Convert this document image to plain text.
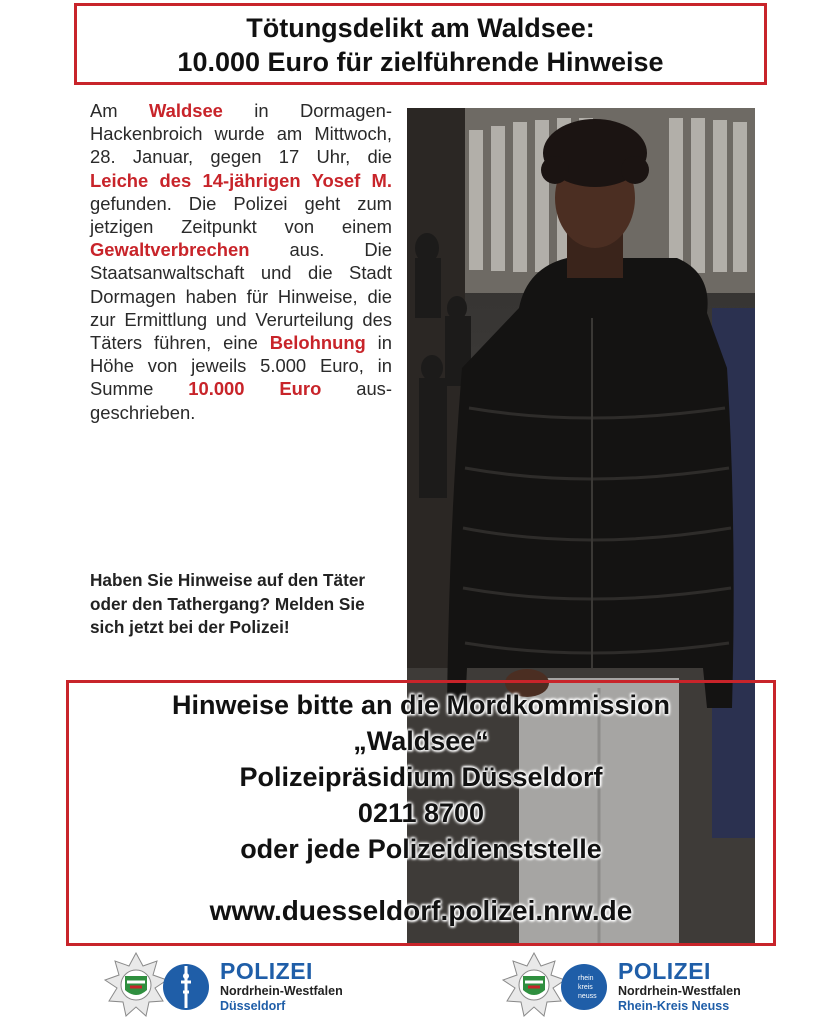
Tötungsdelikt am Waldsee:
10.000 Euro für zielführende Hinweise
Am Waldsee in Dormagen-Hackenbroich wurde am Mittwoch, 28. Januar, gegen 17 Uhr, die Leiche des 14-jährigen Yosef M. gefunden. Die Polizei geht zum jetzigen Zeitpunkt von einem Gewaltverbrechen aus. Die Staatsanwaltschaft und die Stadt Dormagen haben für Hinweise, die zur Ermittlung und Verurteilung des Täters führen, eine Belohnung in Höhe von jeweils 5.000 Euro, in Summe 10.000 Euro ausgeschrieben.
Haben Sie Hinweise auf den Täter oder den Tathergang? Melden Sie sich jetzt bei der Polizei!
Hinweise bitte an die Mordkommission
„Waldsee“
Polizeipräsidium Düsseldorf
0211 8700
oder jede Polizeidienststelle
www.duesseldorf.polizei.nrw.de
POLIZEI
Nordrhein-Westfalen
Düsseldorf
rhein
kreis
neuss
POLIZEI
Nordrhein-Westfalen
Rhein-Kreis Neuss
